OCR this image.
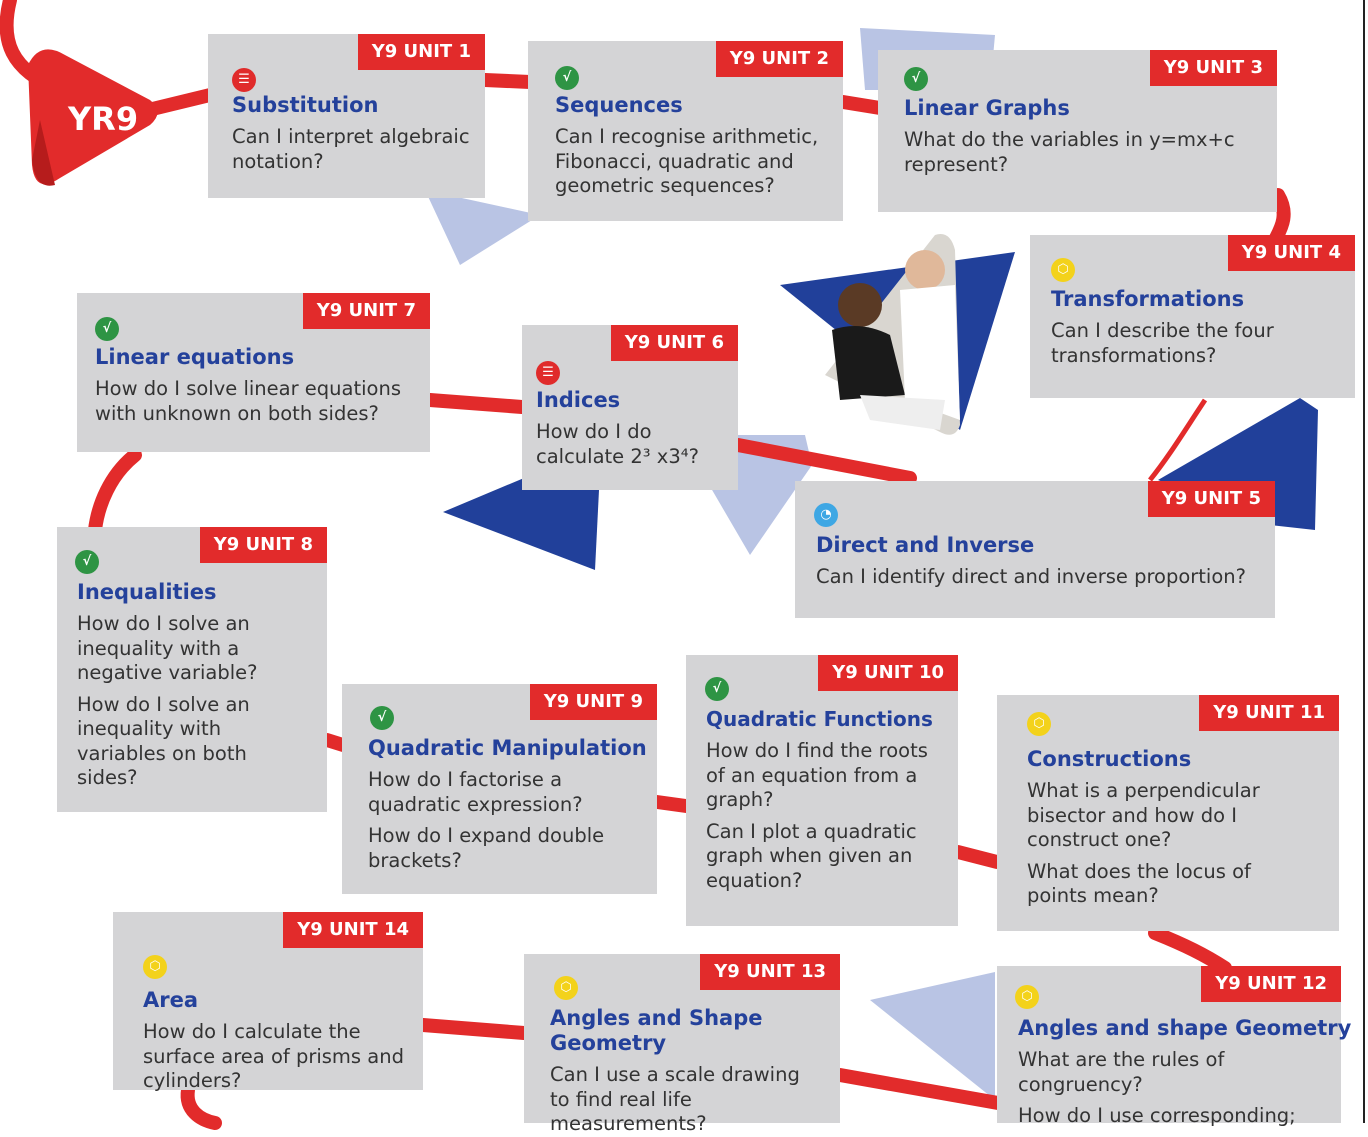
YR9
Y9 UNIT 1
☰
Substitution

Can I interpret algebraic notation?

Y9 UNIT 2
√
Sequences

Can I recognise arithmetic, Fibonacci, quadratic and geometric sequences?

Y9 UNIT 3
√
Linear Graphs

What do the variables in y=mx+c represent?

Y9 UNIT 4
⬡
Transformations

Can I describe the four transformations?

Y9 UNIT 7
√
Linear equations

How do I solve linear equations with unknown on both sides?

Y9 UNIT 6
☰
Indices

How do I do calculate 2³ x3⁴?

Y9 UNIT 5
◔
Direct and Inverse

Can I identify direct and inverse proportion?

Y9 UNIT 8
√
Inequalities

How do I solve an inequality with a negative variable?

How do I solve an inequality with variables on both sides?

Y9 UNIT 9
√
Quadratic Manipulation

How do I factorise a quadratic expression?

How do I expand double brackets?

Y9 UNIT 10
√
Quadratic Functions

How do I find the roots of an equation from a graph?

Can I plot a quadratic graph when given an equation?

Y9 UNIT 11
⬡
Constructions

What is a perpendicular bisector and how do I construct one?

What does the locus of points mean?

Y9 UNIT 14
⬡
Area

How do I calculate the surface area of prisms and cylinders?

Y9 UNIT 13
⬡
Angles and Shape Geometry

Can I use a scale drawing to find real life measurements?

Y9 UNIT 12
⬡
Angles and shape Geometry

What are the rules of congruency?

How do I use corresponding;
